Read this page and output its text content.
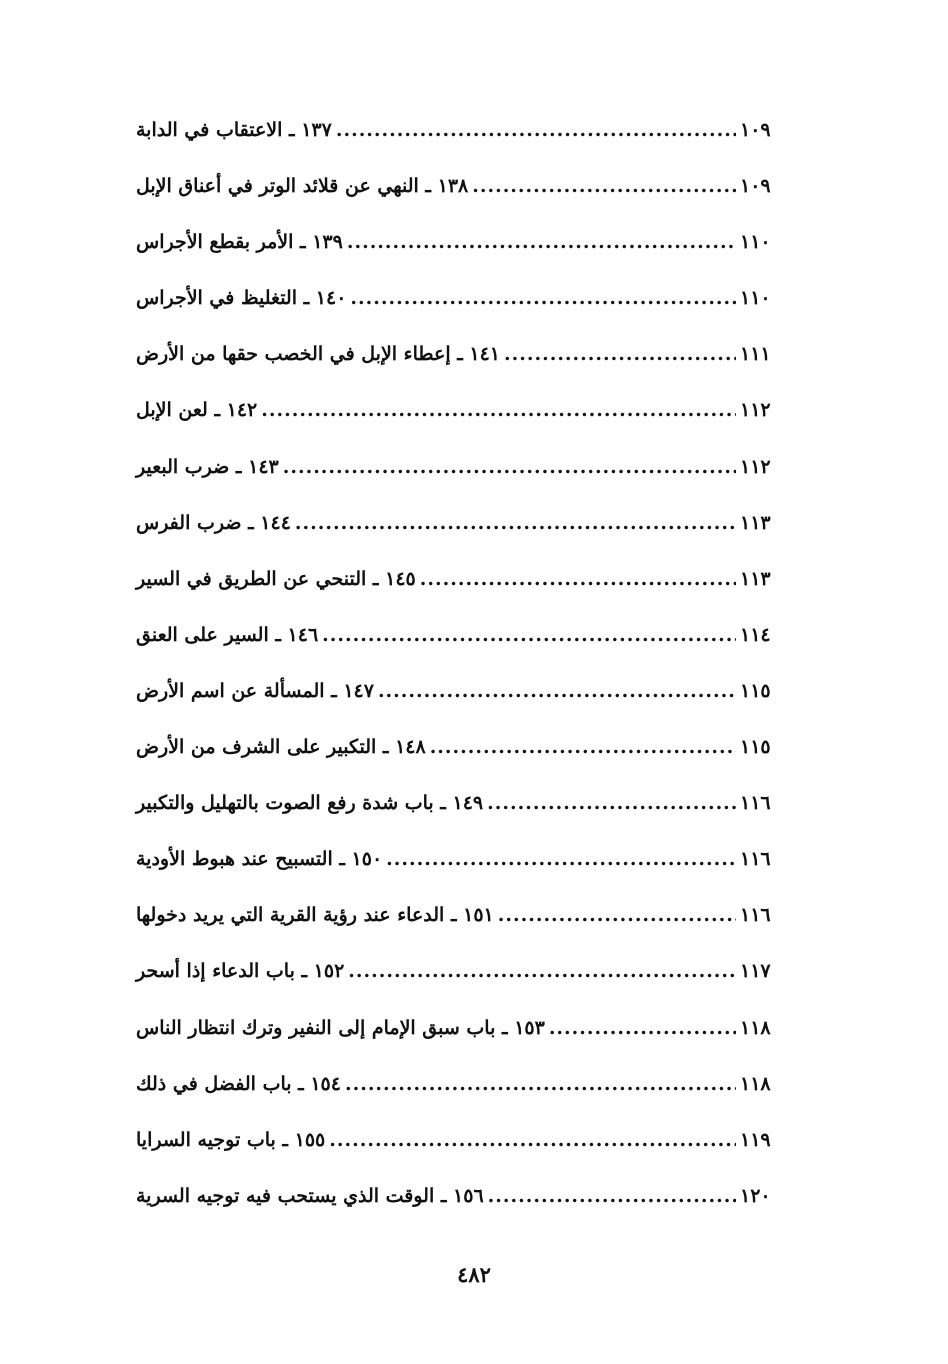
١٣٧ ـ الاعتقاب في الدابة .....	١٠٩
١٣٨ ـ النهي عن قلائد الوتر في أعناق الإبل .....	١٠٩
١٣٩ ـ الأمر بقطع الأجراس .....	١١٠
١٤٠ ـ التغليظ في الأجراس .....	١١٠
١٤١ ـ إعطاء الإبل في الخصب حقها من الأرض .....	١١١
١٤٢ ـ لعن الإبل .....	١١٢
١٤٣ ـ ضرب البعير .....	١١٢
١٤٤ ـ ضرب الفرس .....	١١٣
١٤٥ ـ التنحي عن الطريق في السير .....	١١٣
١٤٦ ـ السير على العنق .....	١١٤
١٤٧ ـ المسألة عن اسم الأرض .....	١١٥
١٤٨ ـ التكبير على الشرف من الأرض .....	١١٥
١٤٩ ـ باب شدة رفع الصوت بالتهليل والتكبير .....	١١٦
١٥٠ ـ التسبيح عند هبوط الأودية .....	١١٦
١٥١ ـ الدعاء عند رؤية القرية التي يريد دخولها .....	١١٦
١٥٢ ـ باب الدعاء إذا أسحر .....	١١٧
١٥٣ ـ باب سبق الإمام إلى النفير وترك انتظار الناس .....	١١٨
١٥٤ ـ باب الفضل في ذلك .....	١١٨
١٥٥ ـ باب توجيه السرايا .....	١١٩
١٥٦ ـ الوقت الذي يستحب فيه توجيه السرية .....	١٢٠
٤٨٢
